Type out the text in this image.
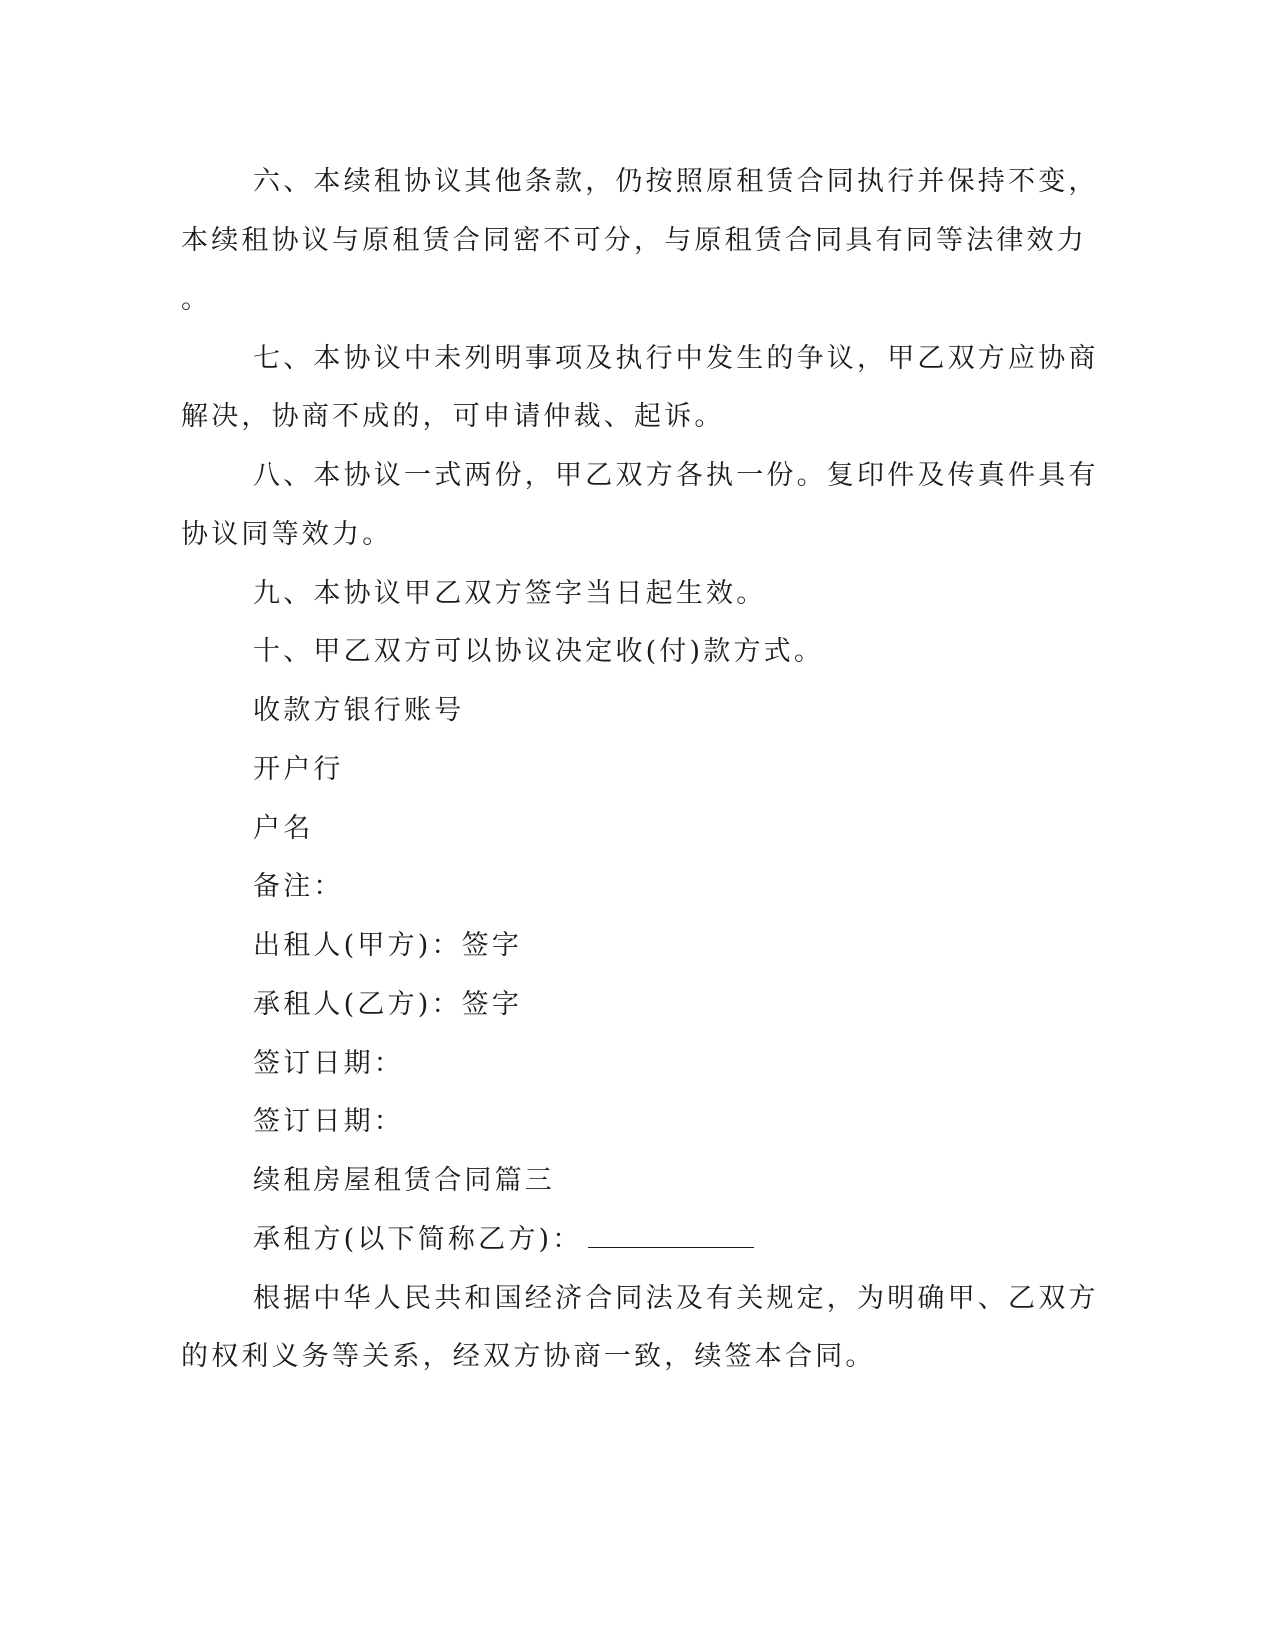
六、本续租协议其他条款，仍按照原租赁合同执行并保持不变，
本续租协议与原租赁合同密不可分，与原租赁合同具有同等法律效力
。
七、本协议中未列明事项及执行中发生的争议，甲乙双方应协商
解决，协商不成的，可申请仲裁、起诉。
八、本协议一式两份，甲乙双方各执一份。复印件及传真件具有
协议同等效力。
九、本协议甲乙双方签字当日起生效。
十、甲乙双方可以协议决定收(付)款方式。
收款方银行账号
开户行
户名
备注：
出租人(甲方)：签字
承租人(乙方)：签字
签订日期：
签订日期：
续租房屋租赁合同篇三
承租方(以下简称乙方)：
根据中华人民共和国经济合同法及有关规定，为明确甲、乙双方
的权利义务等关系，经双方协商一致，续签本合同。
